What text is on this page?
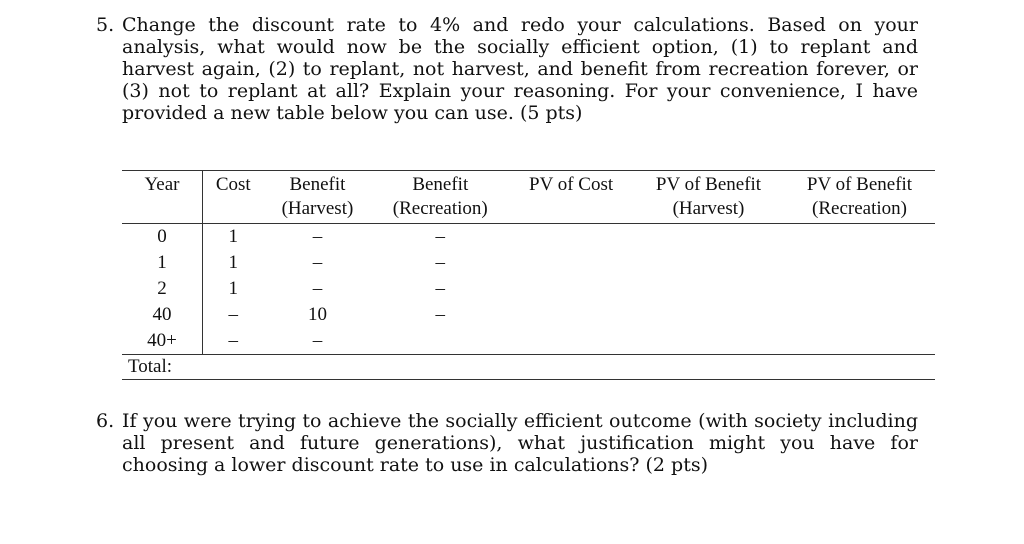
5. Change the discount rate to 4% and redo your calculations. Based on your analysis, what would now be the socially efficient option, (1) to replant and harvest again, (2) to replant, not harvest, and benefit from recreation forever, or (3) not to replant at all? Explain your reasoning. For your convenience, I have provided a new table below you can use. (5 pts)
Year	Cost	Benefit	Benefit	PV of Cost	PV of Benefit	PV of Benefit
		(Harvest)	(Recreation)		(Harvest)	(Recreation)
0	1	–	–			
1	1	–	–			
2	1	–	–			
40	–	10	–			
40+	–	–				
Total:						
6. If you were trying to achieve the socially efficient outcome (with society including all present and future generations), what justification might you have for choosing a lower discount rate to use in calculations? (2 pts)
